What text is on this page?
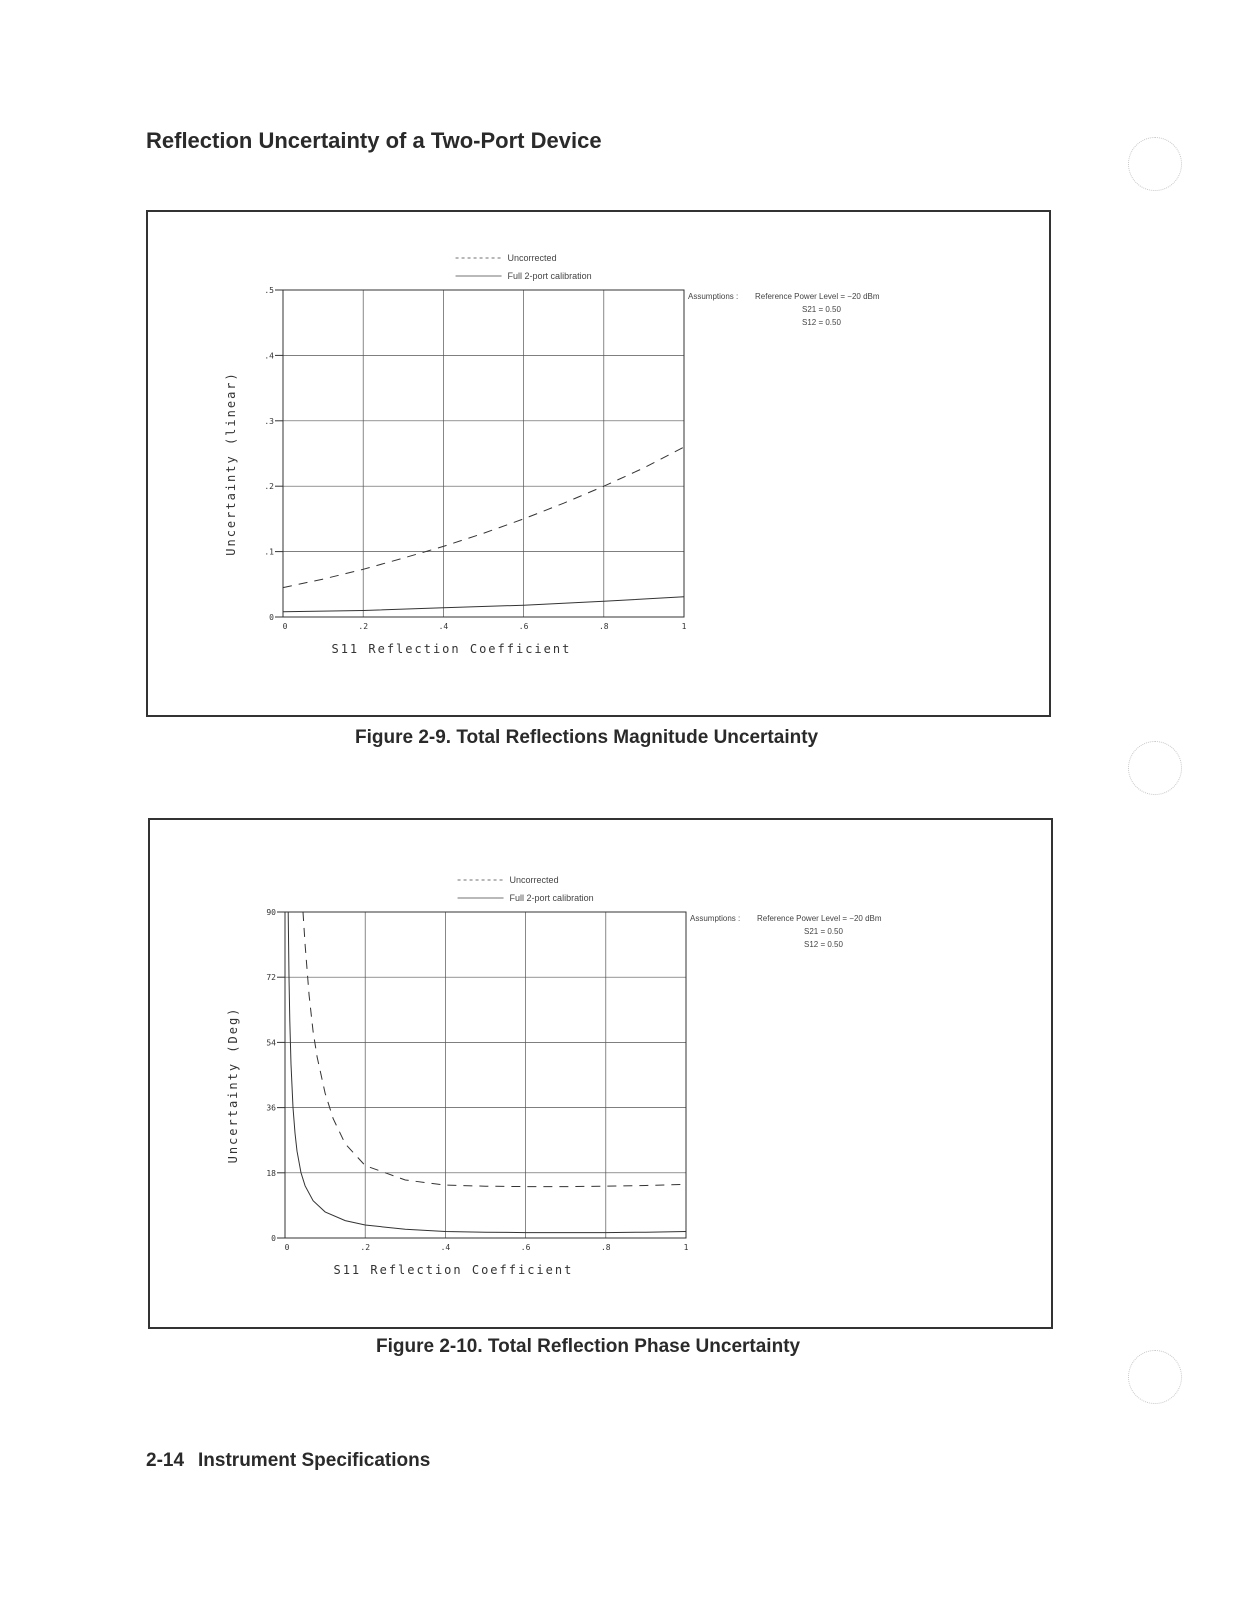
Reflection Uncertainty of a Two-Port Device
0
.1
.2
.3
.4
.5
0	.2	.4	.6	.8	1
S11 Reflection Coefficient
Uncertainty (linear)
Uncorrected
Full 2-port calibration
Assumptions : Reference Power Level = −20 dBm
S21 = 0.50
S12 = 0.50
Figure 2-9. Total Reflections Magnitude Uncertainty
0
18
36
54
72
90
0	.2	.4	.6	.8	1
S11 Reflection Coefficient
Uncertainty (Deg)
Uncorrected
Full 2-port calibration
Assumptions : Reference Power Level = −20 dBm
S21 = 0.50
S12 = 0.50
Figure 2-10. Total Reflection Phase Uncertainty
2-14 Instrument Specifications
